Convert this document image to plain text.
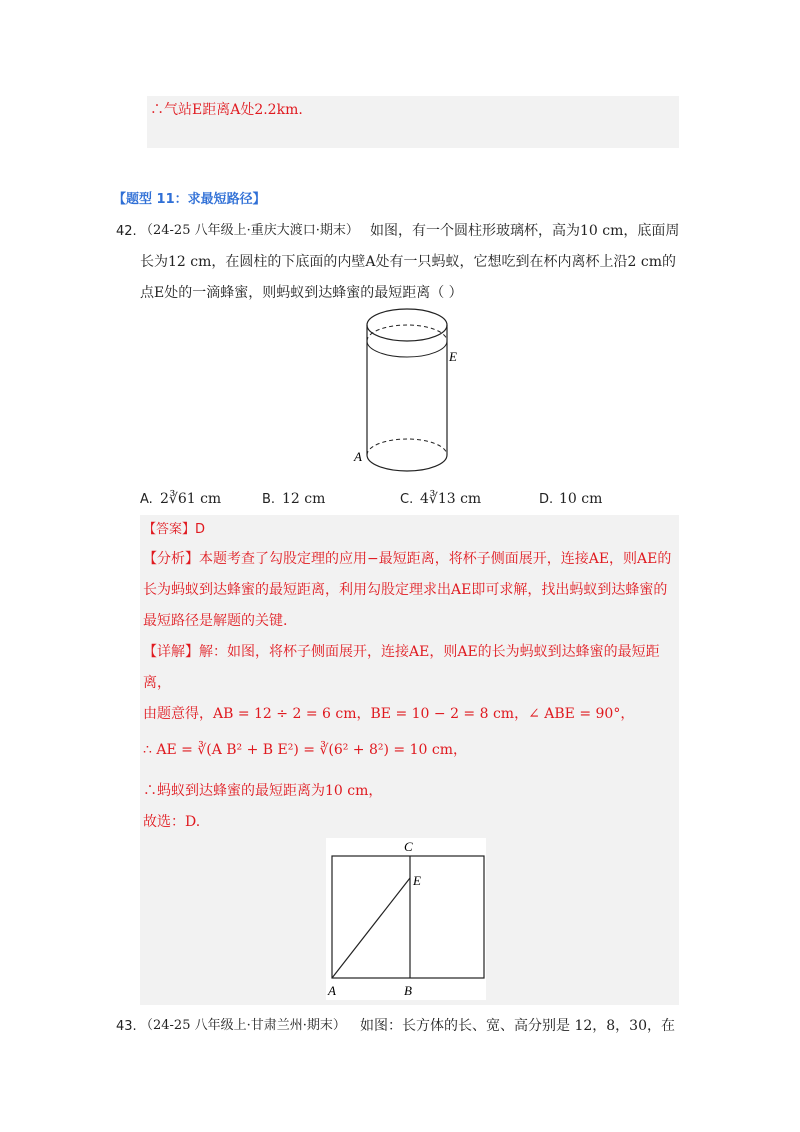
∴气站E距离A处2.2km.
【题型 11：求最短路径】
42. （24-25 八年级上·重庆大渡口·期末） 如图，有一个圆柱形玻璃杯，高为10 cm，底面周
长为12 cm，在圆柱的下底面的内壁A处有一只蚂蚁，它想吃到在杯内离杯上沿2 cm的
点E处的一滴蜂蜜，则蚂蚁到达蜂蜜的最短距离（ ）
E
A
A. 2∛61 cm	B. 12 cm	C. 4∛13 cm	D. 10 cm
【答案】D
【分析】本题考查了勾股定理的应用−最短距离，将杯子侧面展开，连接AE，则AE的
长为蚂蚁到达蜂蜜的最短距离，利用勾股定理求出AE即可求解，找出蚂蚁到达蜂蜜的
最短路径是解题的关键.
【详解】解：如图，将杯子侧面展开，连接AE，则AE的长为蚂蚁到达蜂蜜的最短距
离，
由题意得，AB = 12 ÷ 2 = 6 cm，BE = 10 − 2 = 8 cm，∠ ABE = 90°，
∴ AE = ∛(A B² + B E²) = ∛(6² + 8²) = 10 cm，
∴蚂蚁到达蜂蜜的最短距离为10 cm，
故选：D.
C
E
A	B
43. （24-25 八年级上·甘肃兰州·期末） 如图：长方体的长、宽、高分别是 12，8，30，在
